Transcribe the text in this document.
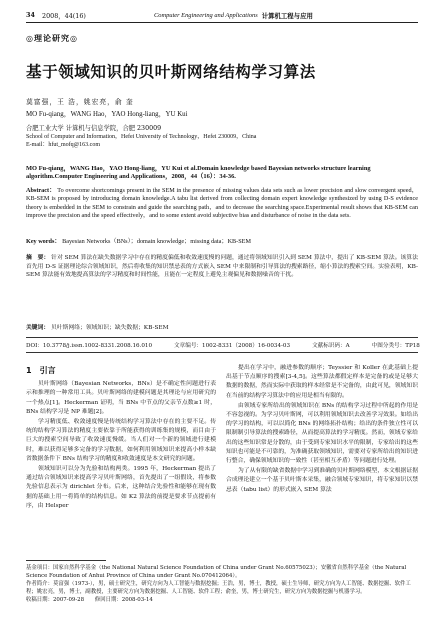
34	2008，44(16)	Computer Engineering and Applications 计算机工程与应用
◎理论研究◎
基于领域知识的贝叶斯网络结构学习算法
莫富强，王 浩，姚宏亮，俞 奎
MO Fu-qiang，WANG Hao，YAO Hong-liang，YU Kui
合肥工业大学 计算机与信息学院，合肥 230009
School of Computer and Information，Hefei University of Technology，Hefei 230009，China
E-mail：hfut_mofq@163.com
MO Fu-qiang，WANG Hao，YAO Hong-liang，YU Kui et al.Domain knowledge based Bayesian networks structure learning algorithm.Computer Engineering and Applications，2008，44（16）：34-36.
Abstract： To overcome shortcomings present in the SEM in the presence of missing values data sets such as lower precision and slow convergent speed，KB-SEM is proposed by introducing domain knowledge.A tabu list derived from collecting domain expert knowledge synthesized by using D-S evidence theory is embedded in the SEM to constrain and guide the searching path，and to decrease the searching space.Experimental result shows that KB-SEM can improve the precision and the speed effectively，and to some extent avoid subjective bias and disturbance of noise in the data sets.
Key words： Bayesian Networks（BNs）；domain knowledge；missing data；KB-SEM
摘　要： 针对 SEM 算法在缺失数据学习中存在的精度偏低和收敛速度慢的问题，通过将领域知识引入到 SEM 算法中，提出了 KB-SEM 算法。该算法首先用 D-S 证据理论综合领域知识，然后将收集的知识禁忌表的方式嵌入 SEM 中来限制和引导算法的搜索路径，缩小算法的搜索空间。实验表明，KB-SEM 算法能有效地提高算法的学习精度和时间性能，且能在一定程度上避免主观偏见和数据噪音的干扰。
关键词： 贝叶斯网络；领域知识；缺失数据；KB-SEM
DOI：10.3778/j.issn.1002-8331.2008.16.010	文章编号：1002-8331（2008）16-0034-03	文献标识码：A	中图分类号：TP18
1　引言

贝叶斯网络（Bayesian Networks，BNs）是不确定性问题进行表示和推理的一种常用工具。贝叶斯网络的建模问题是其理论与应用研究的一个热点[1]。Heckerman 证明，当 BNs 中节点的父亲节点数≥1 时，BNs 结构学习是 NP 难题[2]。

学习精度低、收敛速度慢是传统结构学习算法中存在的主要不足。传统的结构学习算法的精度主要依靠于所能获得的训练集的规模，而目由于巨大的搜索空间导致了收敛速度慢缓。当人们对一个新的领域进行建模时，难以获得足够多完备的学习数据，如何利用领域知识来提高小样本缺省数据条件下 BNs 结构学习的精度和收敛速度是本文研究的问题。

领域知识可以分为先验和结构两类。1995 年，Heckerman 提出了通过结合领域知识来提高学习贝叶斯网络，首先提出了一组假设，将参数先验信息表示为 dirichlet 分布。后来，这种结合先验性和能够在现有数据的基础上用一将简单的结构信息。如 K2 算法的前提是要求节点提前有序，由 Helsper

提出在学习中，融进参数的顺序；Teyssier 和 Koller 在此基础上提出基于节点顺序的搜索[3-4,5]。这些算法都假定样本是完备的或是足够大数据的数据，然而实际中获取的样本经常是不完备的，由此可见，领域知识在当前的结构学习算法中的应用是相当有限的。

由领域专家所给出的领域知识在 BNs 的结构学习过程中所起的作用是不容忽视的。为学习贝叶斯网，可以利用领域知识去改善学习效果。如给出的学习的结构，可以以简化 BNs 的网络拓扑结构；给出的条件独立性可以限制制引导算法的搜索路径，从而提高算法的学习精度。然而，领域专家给出的这些知识常是分散的，由于受到专家知识水平的限制，专家给出的这些知识也可能是不可靠的，为准确获取领域知识，需要对专家所给出的知识进行整合，确保领域知识的一致性（甚至相互矛盾）等问题进行处理。

为了从有限的缺省数据中学习到准确的贝叶斯网络模型，本文根据证据合成理论建立一个基于贝叶斯本采集，融合领域专家知识，将专家知识以禁忌表（tabu list）的形式嵌入 SEM 算法

基金项目：国家自然科学基金（the National Natural Science Foundation of China under Grant No.60575023）；安徽省自然科学基金（the Natural Science Foundation of Anhui Province of China under Grant No.070412064）。
作者简介：莫富强（1973-），男，硕士研究生，研究方向为人工智能与数据挖掘；王浩，男，博士，教授，硕士生导师，研究方向为人工智能、数据挖掘、软件工程；姚宏亮，男，博士，副教授，主要研究方向为数据挖掘、人工智能、软件工程；俞奎，男，博士研究生，研究方向为数据挖掘与机器学习。
收稿日期：2007-09-28　　修回日期：2008-03-14
